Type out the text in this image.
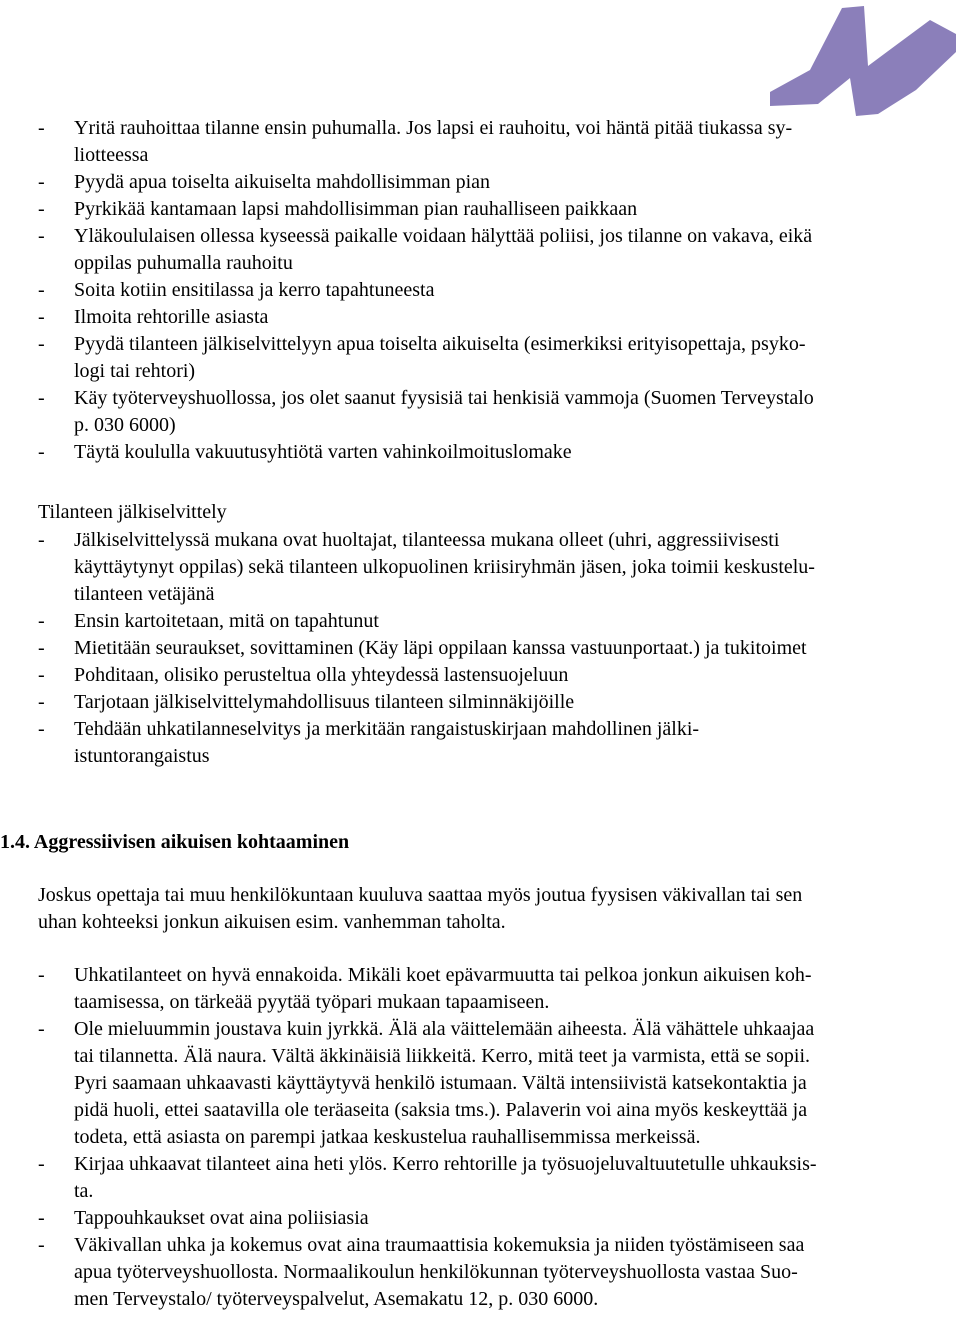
- Yritä rauhoittaa tilanne ensin puhumalla. Jos lapsi ei rauhoitu, voi häntä pitää tiukassa sy-
liotteessa
- Pyydä apua toiselta aikuiselta mahdollisimman pian
- Pyrkikää kantamaan lapsi mahdollisimman pian rauhalliseen paikkaan
- Yläkoululaisen ollessa kyseessä paikalle voidaan hälyttää poliisi, jos tilanne on vakava, eikä
oppilas puhumalla rauhoitu
- Soita kotiin ensitilassa ja kerro tapahtuneesta
- Ilmoita rehtorille asiasta
- Pyydä tilanteen jälkiselvittelyyn apua toiselta aikuiselta (esimerkiksi erityisopettaja, psyko-
logi tai rehtori)
- Käy työterveyshuollossa, jos olet saanut fyysisiä tai henkisiä vammoja (Suomen Terveystalo
p. 030 6000)
- Täytä koululla vakuutusyhtiötä varten vahinkoilmoituslomake
Tilanteen jälkiselvittely
- Jälkiselvittelyssä mukana ovat huoltajat, tilanteessa mukana olleet (uhri, aggressiivisesti
käyttäytynyt oppilas) sekä tilanteen ulkopuolinen kriisiryhmän jäsen, joka toimii keskustelu-
tilanteen vetäjänä
- Ensin kartoitetaan, mitä on tapahtunut
- Mietitään seuraukset, sovittaminen (Käy läpi oppilaan kanssa vastuunportaat.) ja tukitoimet
- Pohditaan, olisiko perusteltua olla yhteydessä lastensuojeluun
- Tarjotaan jälkiselvittelymahdollisuus tilanteen silminnäkijöille
- Tehdään uhkatilanneselvitys ja merkitään rangaistuskirjaan mahdollinen jälki-
istuntorangaistus
1.4. Aggressiivisen aikuisen kohtaaminen
Joskus opettaja tai muu henkilökuntaan kuuluva saattaa myös joutua fyysisen väkivallan tai sen
uhan kohteeksi jonkun aikuisen esim. vanhemman taholta.
- Uhkatilanteet on hyvä ennakoida. Mikäli koet epävarmuutta tai pelkoa jonkun aikuisen koh-
taamisessa, on tärkeää pyytää työpari mukaan tapaamiseen.
- Ole mieluummin joustava kuin jyrkkä. Älä ala väittelemään aiheesta. Älä vähättele uhkaajaa
tai tilannetta. Älä naura. Vältä äkkinäisiä liikkeitä. Kerro, mitä teet ja varmista, että se sopii.
Pyri saamaan uhkaavasti käyttäytyvä henkilö istumaan. Vältä intensiivistä katsekontaktia ja
pidä huoli, ettei saatavilla ole teräaseita (saksia tms.). Palaverin voi aina myös keskeyttää ja
todeta, että asiasta on parempi jatkaa keskustelua rauhallisemmissa merkeissä.
- Kirjaa uhkaavat tilanteet aina heti ylös. Kerro rehtorille ja työsuojeluvaltuutetulle uhkauksis-
ta.
- Tappouhkaukset ovat aina poliisiasia
- Väkivallan uhka ja kokemus ovat aina traumaattisia kokemuksia ja niiden työstämiseen saa
apua työterveyshuollosta. Normaalikoulun henkilökunnan työterveyshuollosta vastaa Suo-
men Terveystalo/ työterveyspalvelut, Asemakatu 12, p. 030 6000.
